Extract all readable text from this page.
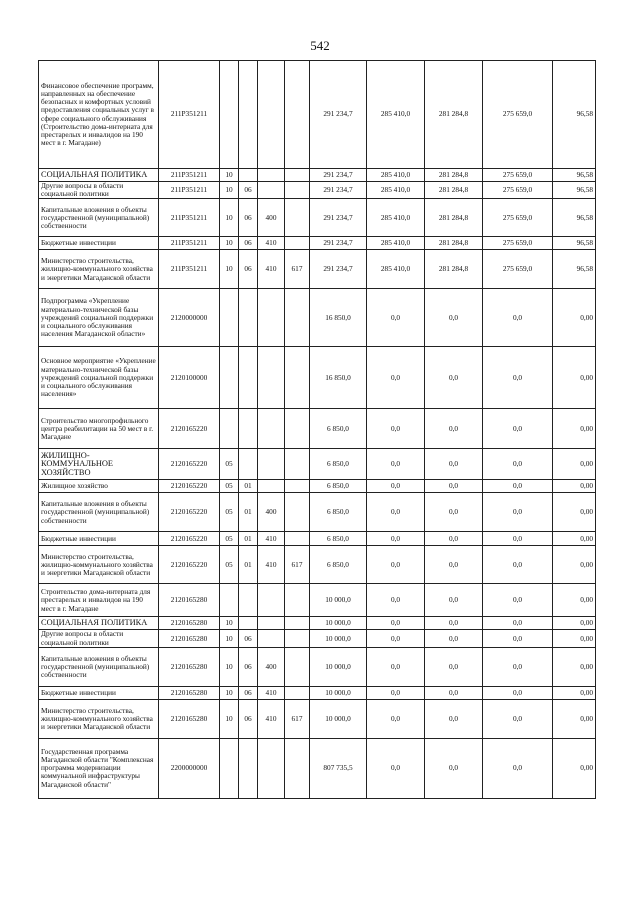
542
Финансовое обеспечение программ, направленных на обеспечение безопасных и комфортных условий предоставления социальных услуг в сфере социального обслуживания (Строительство дома-интерната для престарелых и инвалидов на 190 мест в г. Магадане)	211P351211					291 234,7	285 410,0	281 284,8	275 659,0	96,58
СОЦИАЛЬНАЯ ПОЛИТИКА	211P351211	10				291 234,7	285 410,0	281 284,8	275 659,0	96,58
Другие вопросы в области социальной политики	211P351211	10	06			291 234,7	285 410,0	281 284,8	275 659,0	96,58
Капитальные вложения в объекты государственной (муниципальной) собственности	211P351211	10	06	400		291 234,7	285 410,0	281 284,8	275 659,0	96,58
Бюджетные инвестиции	211P351211	10	06	410		291 234,7	285 410,0	281 284,8	275 659,0	96,58
Министерство строительства, жилищно-коммунального хозяйства и энергетики Магаданской области	211P351211	10	06	410	617	291 234,7	285 410,0	281 284,8	275 659,0	96,58
Подпрограмма «Укрепление материально-технической базы учреждений социальной поддержки и социального обслуживания населения Магаданской области»	2120000000					16 850,0	0,0	0,0	0,0	0,00
Основное мероприятие «Укрепление материально-технической базы учреждений социальной поддержки и социального обслуживания населения»	2120100000					16 850,0	0,0	0,0	0,0	0,00
Строительство многопрофильного центра реабилитации на 50 мест в г. Магадане	2120165220					6 850,0	0,0	0,0	0,0	0,00
ЖИЛИЩНО-КОММУНАЛЬНОЕ ХОЗЯЙСТВО	2120165220	05				6 850,0	0,0	0,0	0,0	0,00
Жилищное хозяйство	2120165220	05	01			6 850,0	0,0	0,0	0,0	0,00
Капитальные вложения в объекты государственной (муниципальной) собственности	2120165220	05	01	400		6 850,0	0,0	0,0	0,0	0,00
Бюджетные инвестиции	2120165220	05	01	410		6 850,0	0,0	0,0	0,0	0,00
Министерство строительства, жилищно-коммунального хозяйства и энергетики Магаданской области	2120165220	05	01	410	617	6 850,0	0,0	0,0	0,0	0,00
Строительство дома-интерната для престарелых и инвалидов на 190 мест в г. Магадане	2120165280					10 000,0	0,0	0,0	0,0	0,00
СОЦИАЛЬНАЯ ПОЛИТИКА	2120165280	10				10 000,0	0,0	0,0	0,0	0,00
Другие вопросы в области социальной политики	2120165280	10	06			10 000,0	0,0	0,0	0,0	0,00
Капитальные вложения в объекты государственной (муниципальной) собственности	2120165280	10	06	400		10 000,0	0,0	0,0	0,0	0,00
Бюджетные инвестиции	2120165280	10	06	410		10 000,0	0,0	0,0	0,0	0,00
Министерство строительства, жилищно-коммунального хозяйства и энергетики Магаданской области	2120165280	10	06	410	617	10 000,0	0,0	0,0	0,0	0,00
Государственная программа Магаданской области "Комплексная программа модернизации коммунальной инфраструктуры Магаданской области"	2200000000					807 735,5	0,0	0,0	0,0	0,00
